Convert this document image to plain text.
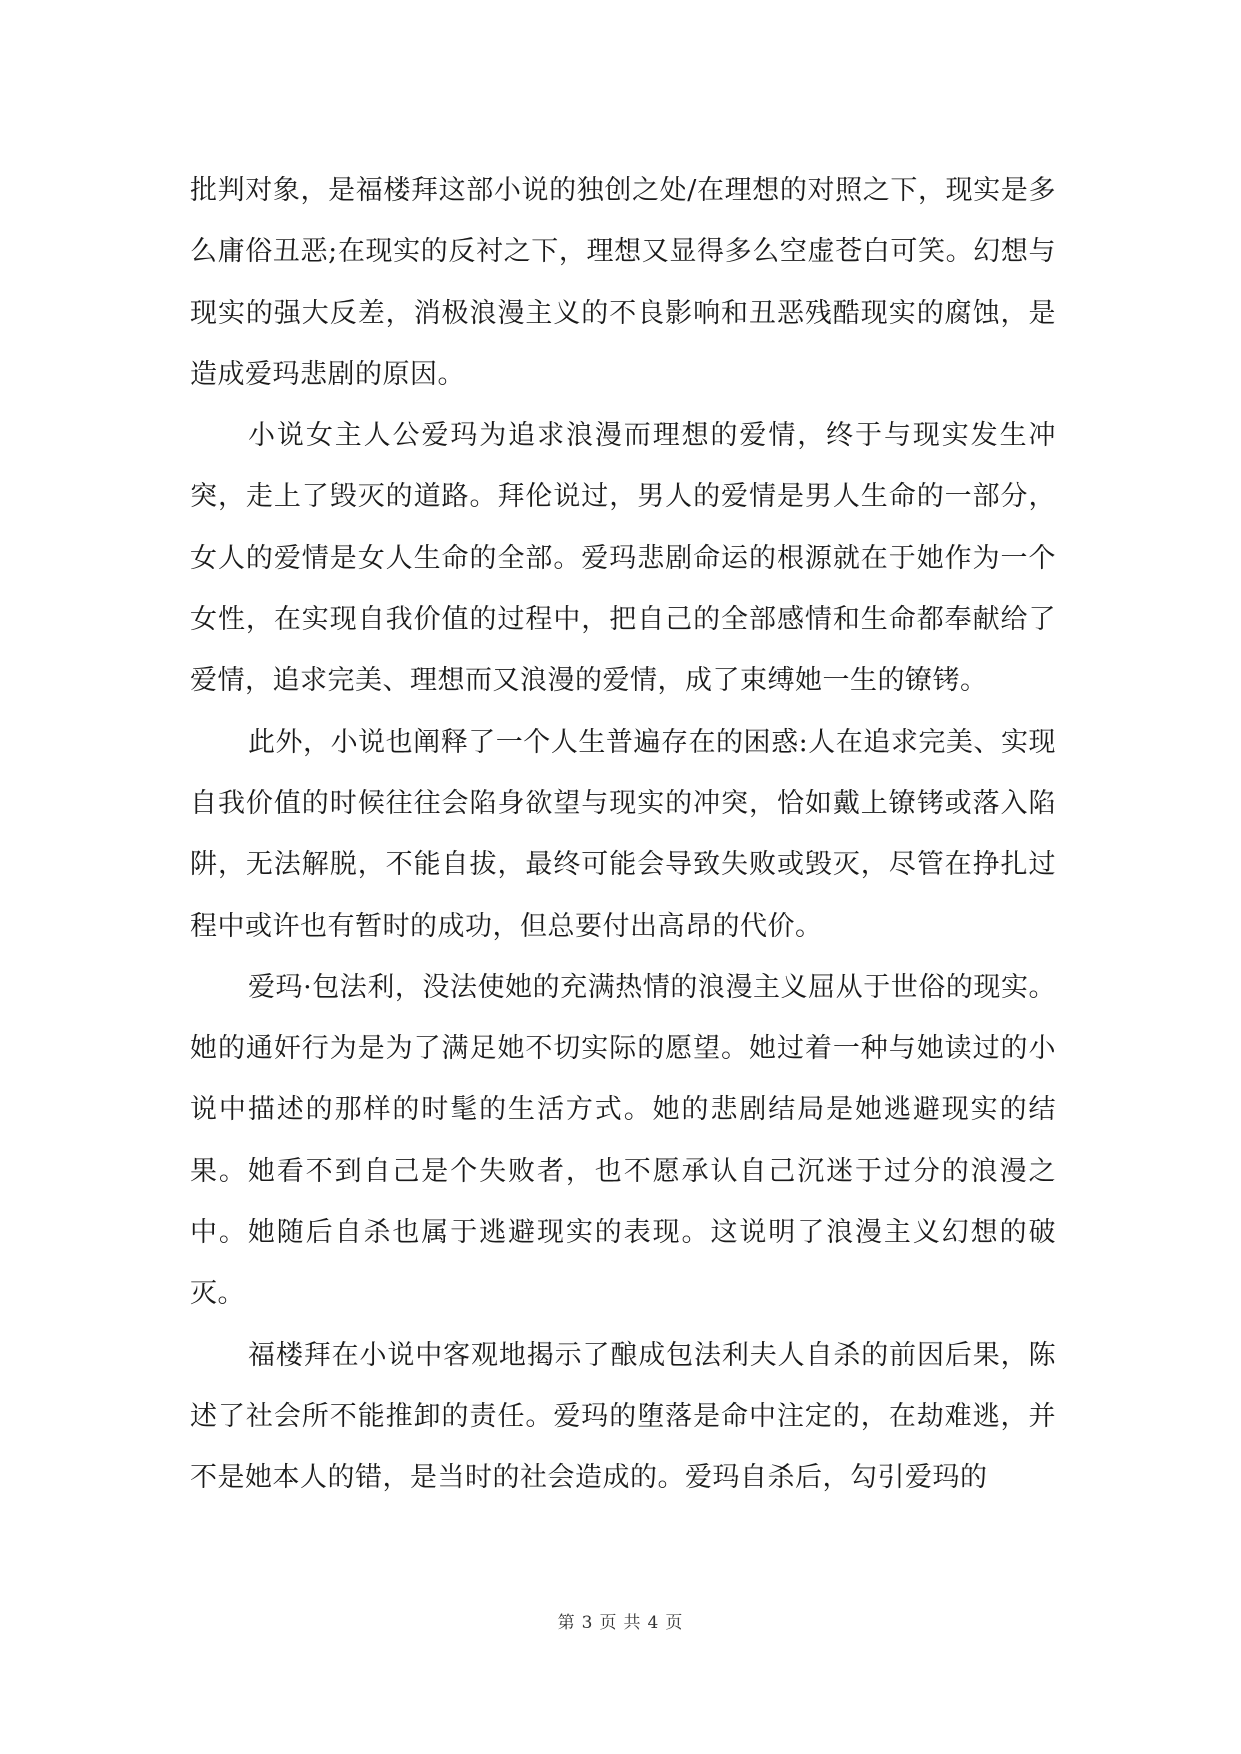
批判对象，是福楼拜这部小说的独创之处/在理想的对照之下，现实是多么庸俗丑恶;在现实的反衬之下，理想又显得多么空虚苍白可笑。幻想与现实的强大反差，消极浪漫主义的不良影响和丑恶残酷现实的腐蚀，是造成爱玛悲剧的原因。

小说女主人公爱玛为追求浪漫而理想的爱情，终于与现实发生冲突，走上了毁灭的道路。拜伦说过，男人的爱情是男人生命的一部分，女人的爱情是女人生命的全部。爱玛悲剧命运的根源就在于她作为一个女性，在实现自我价值的过程中，把自己的全部感情和生命都奉献给了爱情，追求完美、理想而又浪漫的爱情，成了束缚她一生的镣铐。

此外，小说也阐释了一个人生普遍存在的困惑:人在追求完美、实现自我价值的时候往往会陷身欲望与现实的冲突，恰如戴上镣铐或落入陷阱，无法解脱，不能自拔，最终可能会导致失败或毁灭，尽管在挣扎过程中或许也有暂时的成功，但总要付出高昂的代价。

爱玛·包法利，没法使她的充满热情的浪漫主义屈从于世俗的现实。她的通奸行为是为了满足她不切实际的愿望。她过着一种与她读过的小说中描述的那样的时髦的生活方式。她的悲剧结局是她逃避现实的结果。她看不到自己是个失败者，也不愿承认自己沉迷于过分的浪漫之中。她随后自杀也属于逃避现实的表现。这说明了浪漫主义幻想的破灭。

福楼拜在小说中客观地揭示了酿成包法利夫人自杀的前因后果，陈述了社会所不能推卸的责任。爱玛的堕落是命中注定的，在劫难逃，并不是她本人的错，是当时的社会造成的。爱玛自杀后，勾引爱玛的

第 3 页 共 4 页
